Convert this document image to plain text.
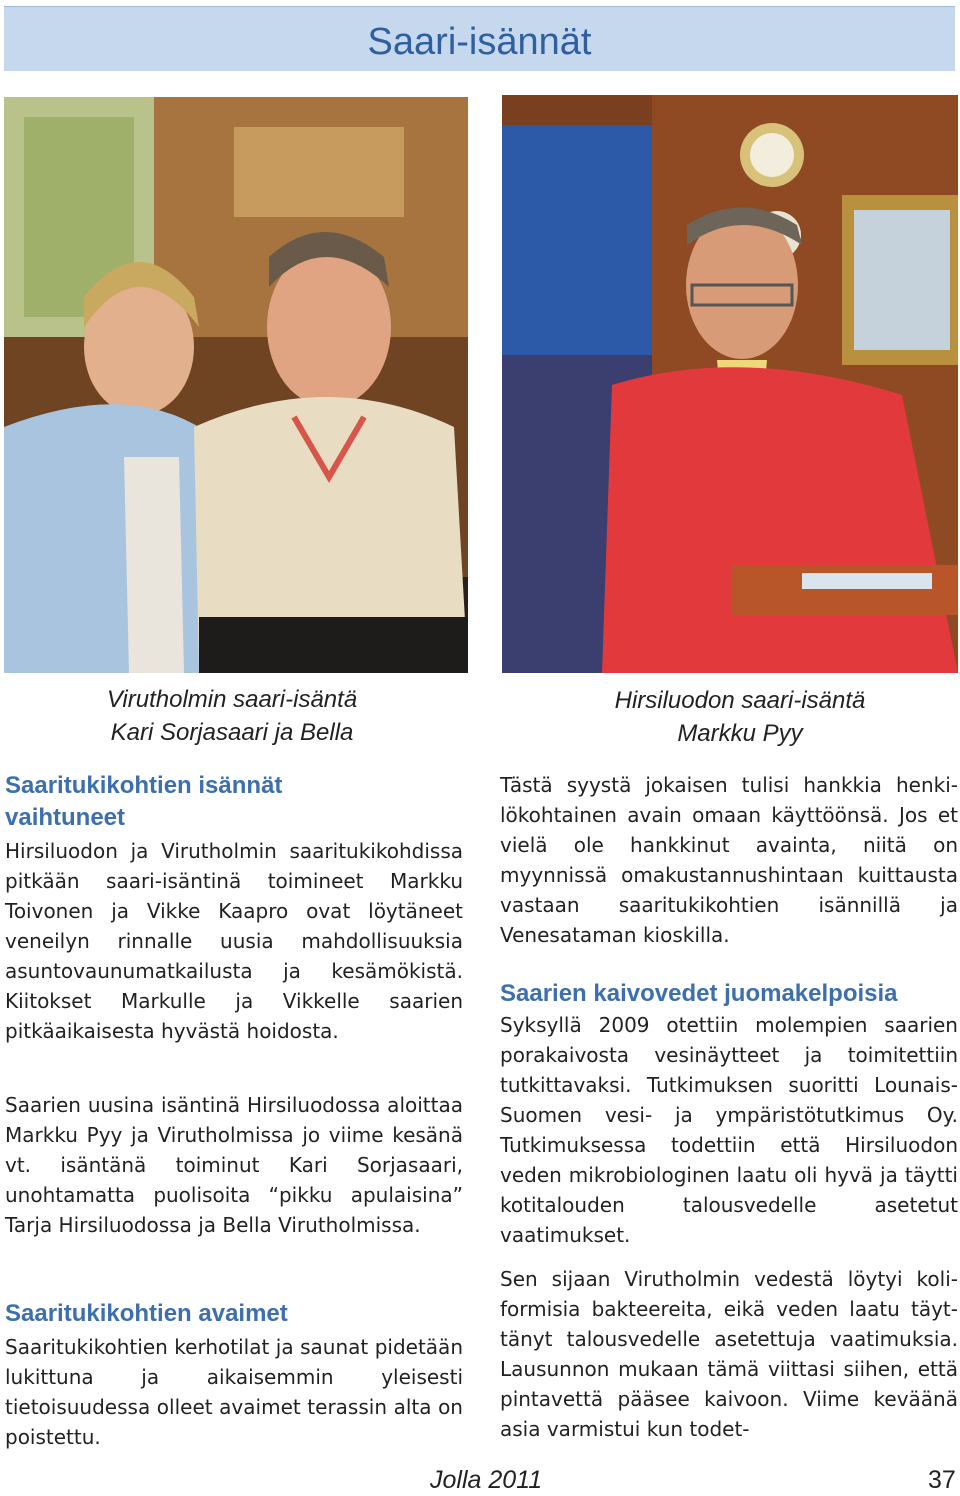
Saari-isännät
Virutholmin saari-isäntä
Kari Sorjasaari ja Bella
Hirsiluodon saari-isäntä
Markku Pyy
Saaritukikohtien isännät vaihtuneet

Hirsiluodon ja Virutholmin saaritukikohdissa pitkään saari-isäntinä toimineet Markku Toivonen ja Vikke Kaapro ovat löytäneet veneilyn rinnalle uusia mahdollisuuksia asuntovaunumatkailusta ja kesämökistä. Kiitokset Markulle ja Vikkelle saarien pitkäaikaisesta hyvästä hoidosta.

Saarien uusina isäntinä Hirsiluodossa aloittaa Markku Pyy ja Virutholmissa jo viime kesänä vt. isäntänä toiminut Kari Sorjasaari, unohtamatta puolisoita “pikku apulaisina” Tarja Hirsiluodossa ja Bella Virutholmissa.

Saaritukikohtien avaimet

Saaritukikohtien kerhotilat ja saunat pidetään lukittuna ja aikaisemmin yleisesti tietoisuudessa olleet avaimet terassin alta on poistettu.

Tästä syystä jokaisen tulisi hankkia henkilökohtainen avain omaan käyttöönsä. Jos et vielä ole hankkinut avainta, niitä on myynnissä omakustannushintaan kuittausta vastaan saaritukikohtien isännillä ja Venesataman kioskilla.

Saarien kaivovedet juomakelpoisia

Syksyllä 2009 otettiin molempien saarien porakaivosta vesinäytteet ja toimitettiin tutkittavaksi. Tutkimuksen suoritti Lounais-Suomen vesi- ja ympäristötutkimus Oy. Tutkimuksessa todettiin että Hirsiluodon veden mikrobiologinen laatu oli hyvä ja täytti kotitalouden talousvedelle asetetut vaatimukset.

Sen sijaan Virutholmin vedestä löytyi koliformisia bakteereita, eikä veden laatu täyttänyt talousvedelle asetettuja vaatimuksia. Lausunnon mukaan tämä viittasi siihen, että pintavettä pääsee kaivoon. Viime keväänä asia varmistui kun todet-

Jolla 2011	37
